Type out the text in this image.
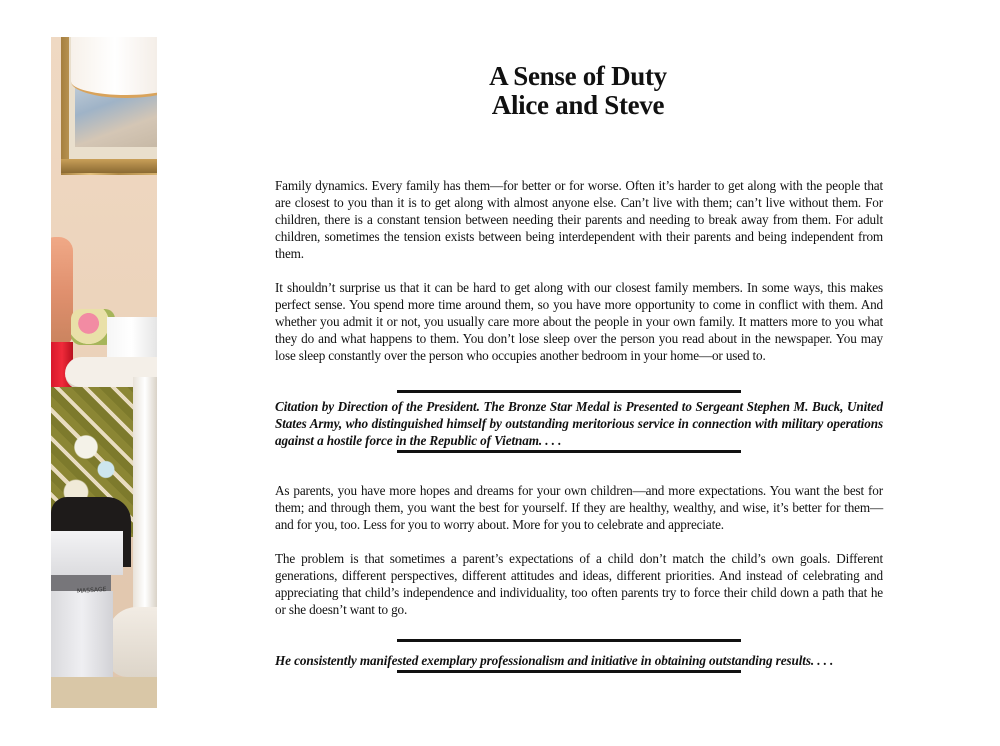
MASSAGE
A Sense of Duty
Alice and Steve

Family dynamics. Every family has them—for better or for worse. Often it’s harder to get along with the people that are closest to you than it is to get along with almost anyone else. Can’t live with them; can’t live without them. For children, there is a constant tension between needing their parents and needing to break away from them. For adult children, sometimes the tension exists between being interdependent with their parents and being independent from them.

It shouldn’t surprise us that it can be hard to get along with our closest family members. In some ways, this makes perfect sense. You spend more time around them, so you have more opportunity to come in conflict with them. And whether you admit it or not, you usually care more about the people in your own family. It matters more to you what they do and what happens to them. You don’t lose sleep over the person you read about in the newspaper. You may lose sleep constantly over the person who occupies another bedroom in your home—or used to.

Citation by Direction of the President. The Bronze Star Medal is Presented to Sergeant Stephen M. Buck, United States Army, who distinguished himself by outstanding meritorious service in connection with military operations against a hostile force in the Republic of Vietnam. . . .

As parents, you have more hopes and dreams for your own children—and more expectations. You want the best for them; and through them, you want the best for yourself. If they are healthy, wealthy, and wise, it’s better for them—and for you, too. Less for you to worry about. More for you to celebrate and appreciate.

The problem is that sometimes a parent’s expectations of a child don’t match the child’s own goals. Different generations, different perspectives, different attitudes and ideas, different priorities. And instead of celebrating and appreciating that child’s independence and individuality, too often parents try to force their child down a path that he or she doesn’t want to go.

He consistently manifested exemplary professionalism and initiative in obtaining outstanding results. . . .
